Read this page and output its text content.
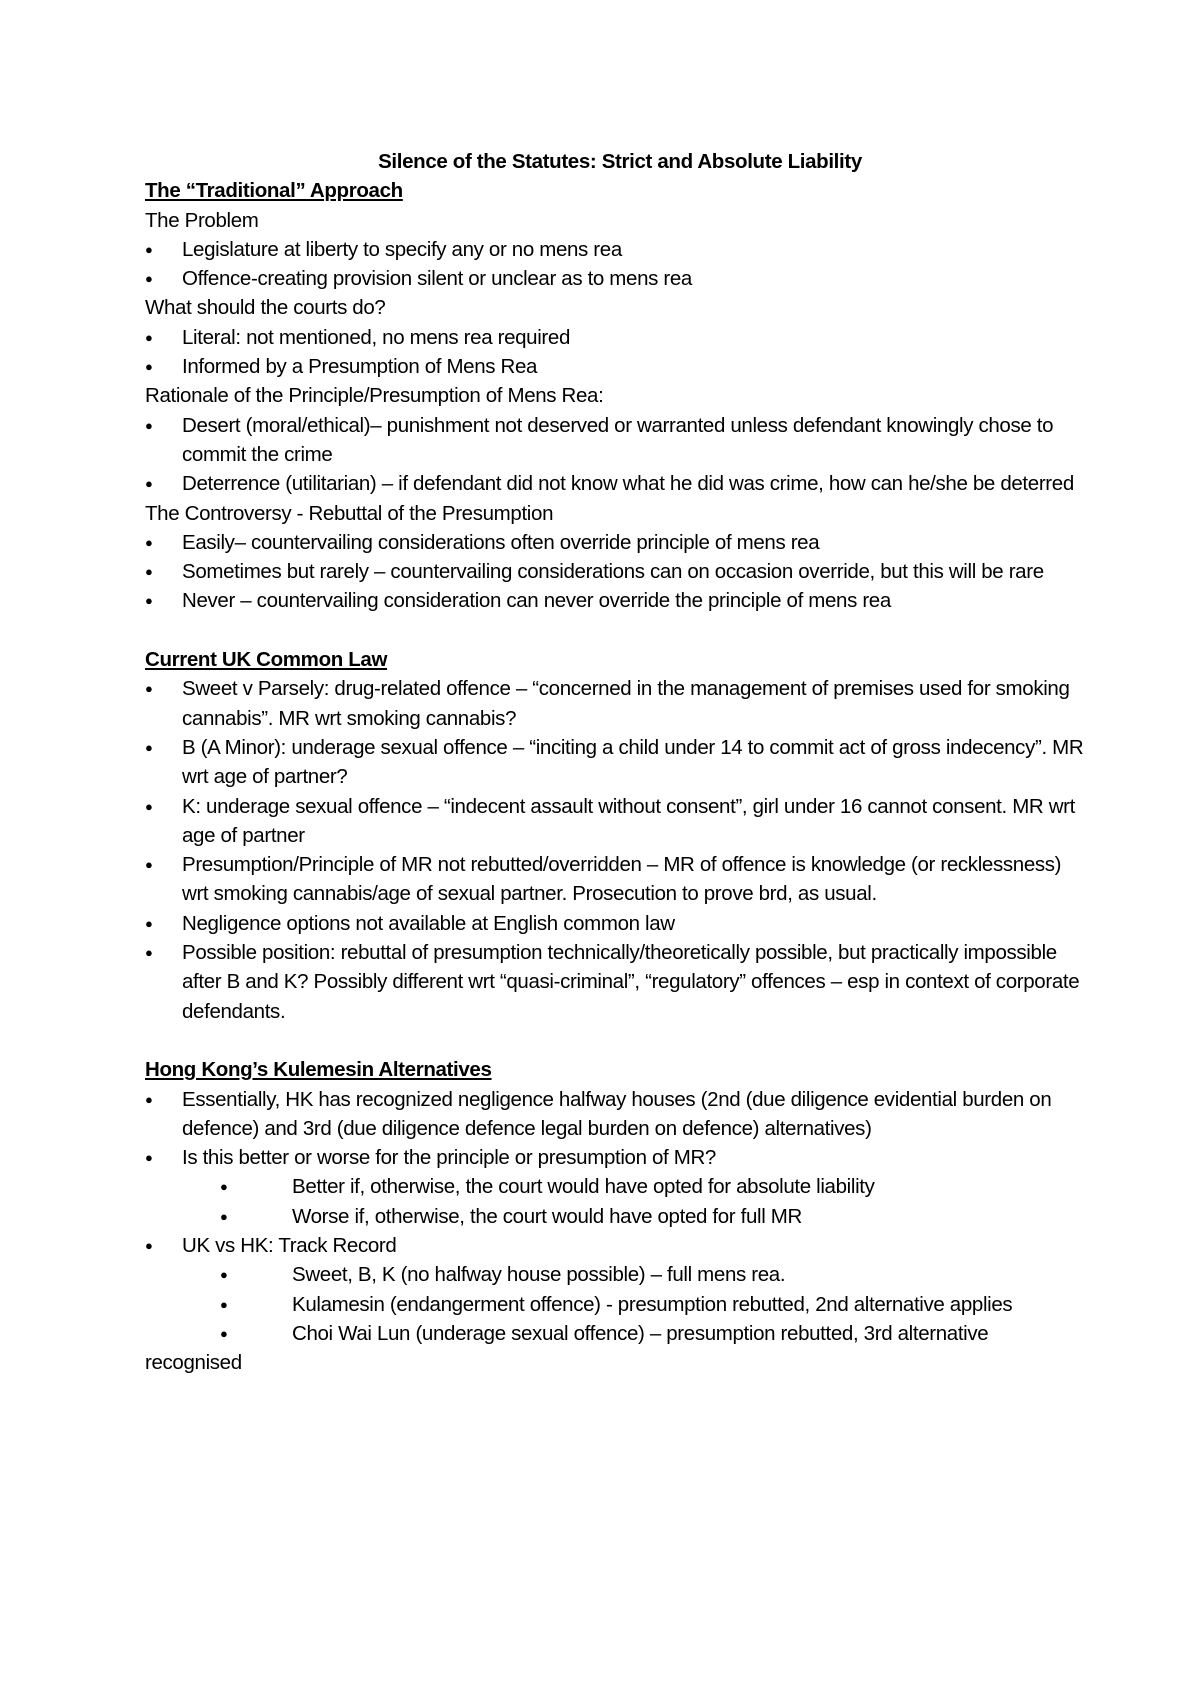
Silence of the Statutes: Strict and Absolute Liability
The “Traditional” Approach
The Problem
● Legislature at liberty to specify any or no mens rea
● Offence-creating provision silent or unclear as to mens rea
What should the courts do?
● Literal: not mentioned, no mens rea required
● Informed by a Presumption of Mens Rea
Rationale of the Principle/Presumption of Mens Rea:
● Desert (moral/ethical)– punishment not deserved or warranted unless defendant knowingly chose to commit the crime
● Deterrence (utilitarian) – if defendant did not know what he did was crime, how can he/she be deterred
The Controversy - Rebuttal of the Presumption
● Easily– countervailing considerations often override principle of mens rea
● Sometimes but rarely – countervailing considerations can on occasion override, but this will be rare
● Never – countervailing consideration can never override the principle of mens rea
Current UK Common Law
● Sweet v Parsely: drug-related offence – “concerned in the management of premises used for smoking cannabis”. MR wrt smoking cannabis?
● B (A Minor): underage sexual offence – “inciting a child under 14 to commit act of gross indecency”. MR wrt age of partner?
● K: underage sexual offence – “indecent assault without consent”, girl under 16 cannot consent. MR wrt age of partner
● Presumption/Principle of MR not rebutted/overridden – MR of offence is knowledge (or recklessness) wrt smoking cannabis/age of sexual partner. Prosecution to prove brd, as usual.
● Negligence options not available at English common law
● Possible position: rebuttal of presumption technically/theoretically possible, but practically impossible after B and K? Possibly different wrt “quasi-criminal”, “regulatory” offences – esp in context of corporate defendants.
Hong Kong’s Kulemesin Alternatives
● Essentially, HK has recognized negligence halfway houses (2nd (due diligence evidential burden on defence) and 3rd (due diligence defence legal burden on defence) alternatives)
● Is this better or worse for the principle or presumption of MR?
●	Better if, otherwise, the court would have opted for absolute liability
●	Worse if, otherwise, the court would have opted for full MR
● UK vs HK: Track Record
●	Sweet, B, K (no halfway house possible) – full mens rea.
●	Kulamesin (endangerment offence) - presumption rebutted, 2nd alternative applies
●	Choi Wai Lun (underage sexual offence) – presumption rebutted, 3rd alternative recognised
